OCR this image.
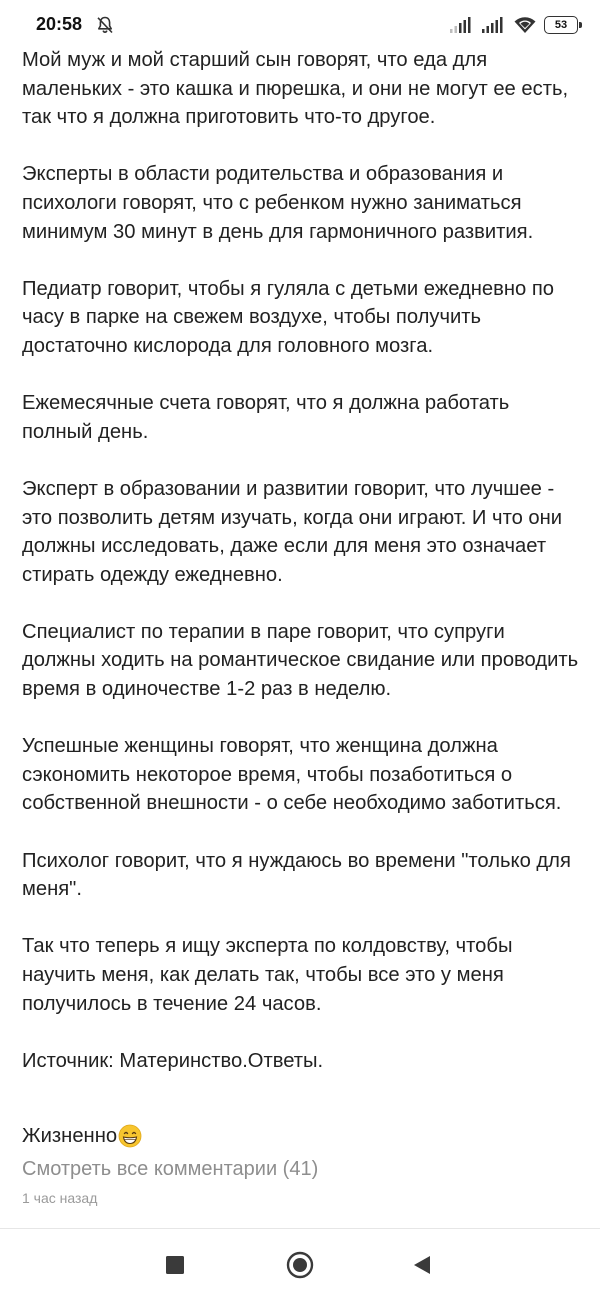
20:58	53

Мой муж и мой старший сын говорят, что еда для маленьких - это кашка и пюрешка, и они не могут ее есть, так что я должна приготовить что-то другое.

Эксперты в области родительства и образования и психологи говорят, что с ребенком нужно заниматься минимум 30 минут в день для гармоничного развития.

Педиатр говорит, чтобы я гуляла с детьми ежедневно по часу в парке на свежем воздухе, чтобы получить достаточно кислорода для головного мозга.

Ежемесячные счета говорят, что я должна работать полный день.

Эксперт в образовании и развитии говорит, что лучшее - это позволить детям изучать, когда они играют. И что они должны исследовать, даже если для меня это означает стирать одежду ежедневно.

Специалист по терапии в паре говорит, что супруги должны ходить на романтическое свидание или проводить время в одиночестве 1-2 раз в неделю.

Успешные женщины говорят, что женщина должна сэкономить некоторое время, чтобы позаботиться о собственной внешности - о себе необходимо заботиться.

Психолог говорит, что я нуждаюсь во времени "только для меня".

Так что теперь я ищу эксперта по колдовству, чтобы научить меня, как делать так, чтобы все это у меня получилось в течение 24 часов.

Источник: Материнство.Ответы.

Жизненно
Смотреть все комментарии (41)
1 час назад
